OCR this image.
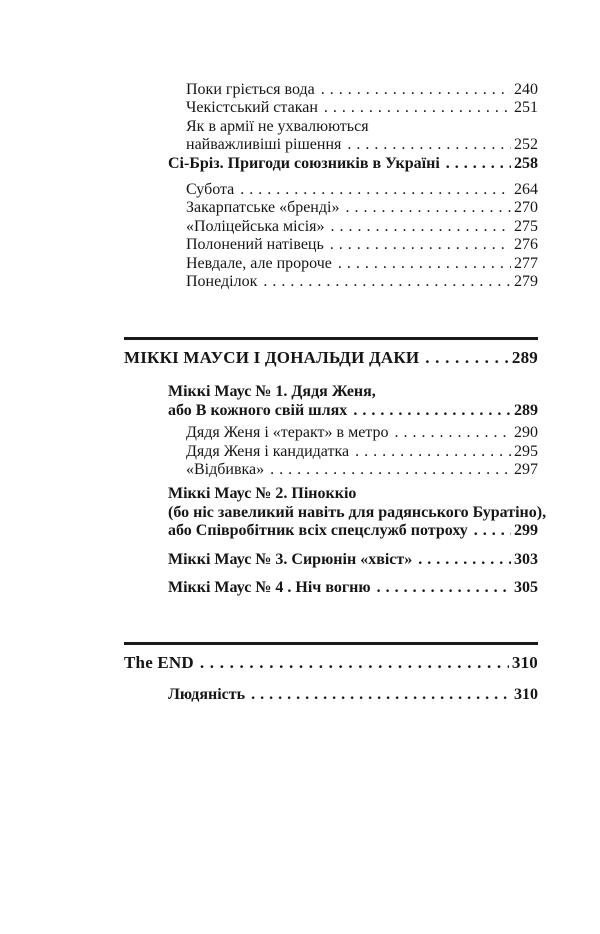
Поки гріється вода . . .	240
Чекістський стакан . . .	251
Як в армії не ухвалюються
найважливіші рішення . . .	252
Сі-Бріз. Пригоди союзників в Україні . . .	258
Субота . . .	264
Закарпатське «бренді» . . .	270
«Поліцейська місія» . . .	275
Полонений натівець . . .	276
Невдале, але пророче . . .	277
Понеділок . . .	279
МІККІ МАУСИ І ДОНАЛЬДИ ДАКИ . . .	289
Міккі Маус № 1. Дядя Женя,
або В кожного свій шлях . . .	289
Дядя Женя і «теракт» в метро . . .	290
Дядя Женя і кандидатка . . .	295
«Відбивка» . . .	297
Міккі Маус № 2. Піноккіо
(бо ніс завеликий навіть для радянського Буратіно),
або Співробітник всіх спецслужб потроху . . .	299
Міккі Маус № 3. Сирюнін «хвіст» . . .	303
Міккі Маус № 4 . Ніч вогню . . .	305
The END . . .	310
Людяність . . .	310
